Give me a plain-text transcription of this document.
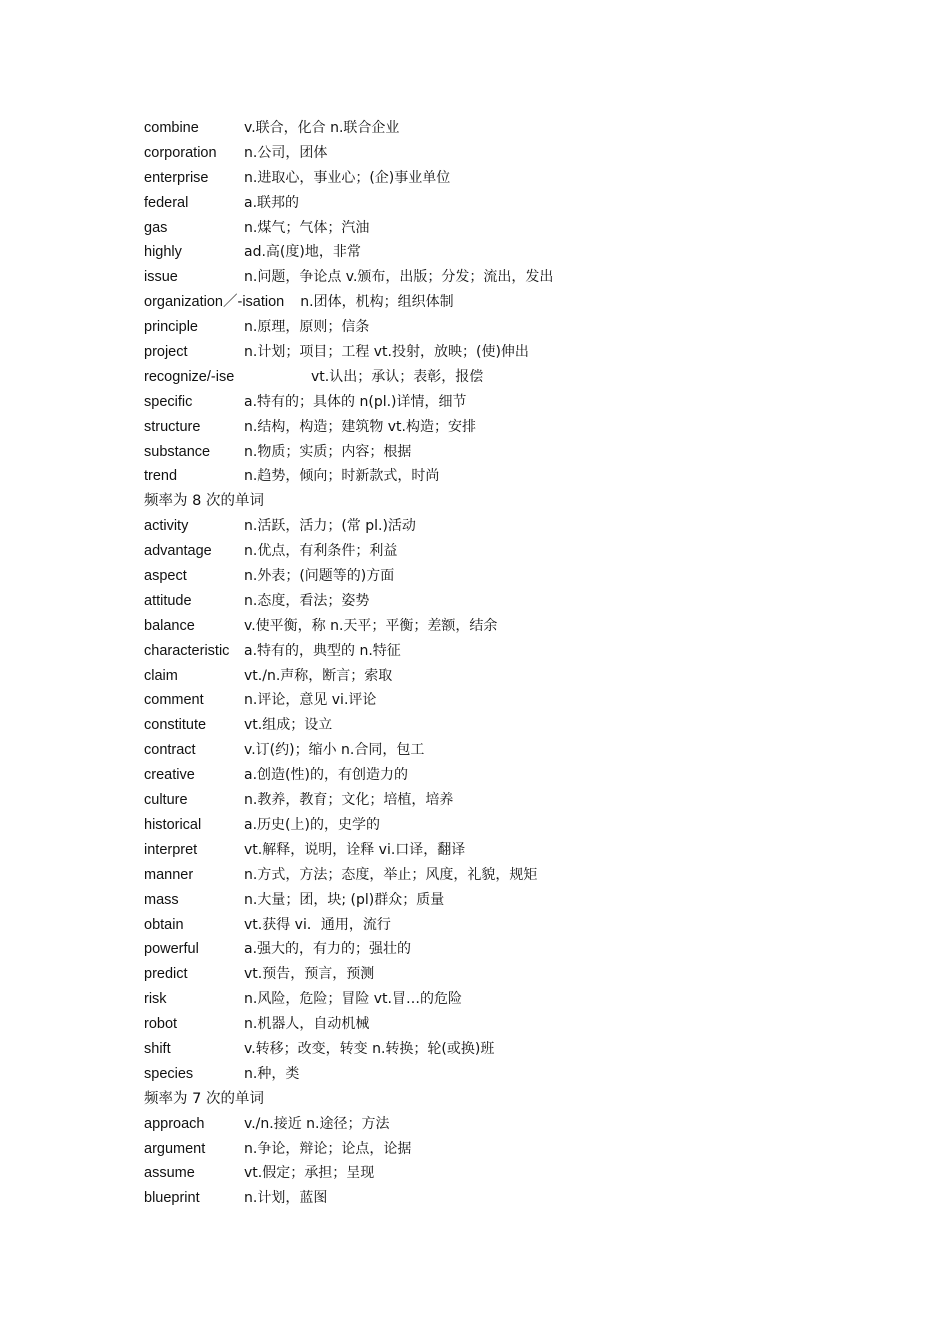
combine	v.联合，化合 n.联合企业
corporation n.公司，团体
enterprise	n.进取心，事业心；(企)事业单位
federal	a.联邦的
gas	n.煤气；气体；汽油
highly	ad.高(度)地，非常
issue	n.问题，争论点 v.颁布，出版；分发；流出，发出
organization／-isation n.团体，机构；组织体制
principle	n.原理，原则；信条
project	n.计划；项目；工程 vt.投射，放映；(使)伸出
recognize/-ise	vt.认出；承认；表彰，报偿
specific	a.特有的；具体的 n(pl.)详情，细节
structure	n.结构，构造；建筑物 vt.构造；安排
substance n.物质；实质；内容；根据
trend	n.趋势，倾向；时新款式，时尚
频率为 8 次的单词
activity	n.活跃，活力；(常 pl.)活动
advantage n.优点，有利条件；利益
aspect	n.外表；(问题等的)方面
attitude	n.态度，看法；姿势
balance	v.使平衡，称 n.天平；平衡；差额，结余
characteristic a.特有的，典型的 n.特征
claim	vt./n.声称，断言；索取
comment	n.评论，意见 vi.评论
constitute	vt.组成；设立
contract	v.订(约)；缩小 n.合同，包工
creative	a.创造(性)的，有创造力的
culture	n.教养，教育；文化；培植，培养
historical	a.历史(上)的，史学的
interpret	vt.解释，说明，诠释 vi.口译，翻译
manner	n.方式，方法；态度，举止；风度，礼貌，规矩
mass	n.大量；团，块; (pl)群众；质量
obtain	vt.获得 vi．通用，流行
powerful	a.强大的，有力的；强壮的
predict	vt.预告，预言，预测
risk	n.风险，危险；冒险 vt.冒…的危险
robot	n.机器人，自动机械
shift	v.转移；改变，转变 n.转换；轮(或换)班
species	n.种，类
频率为 7 次的单词
approach	v./n.接近 n.途径；方法
argument	n.争论，辩论；论点，论据
assume	vt.假定；承担；呈现
blueprint	n.计划，蓝图
